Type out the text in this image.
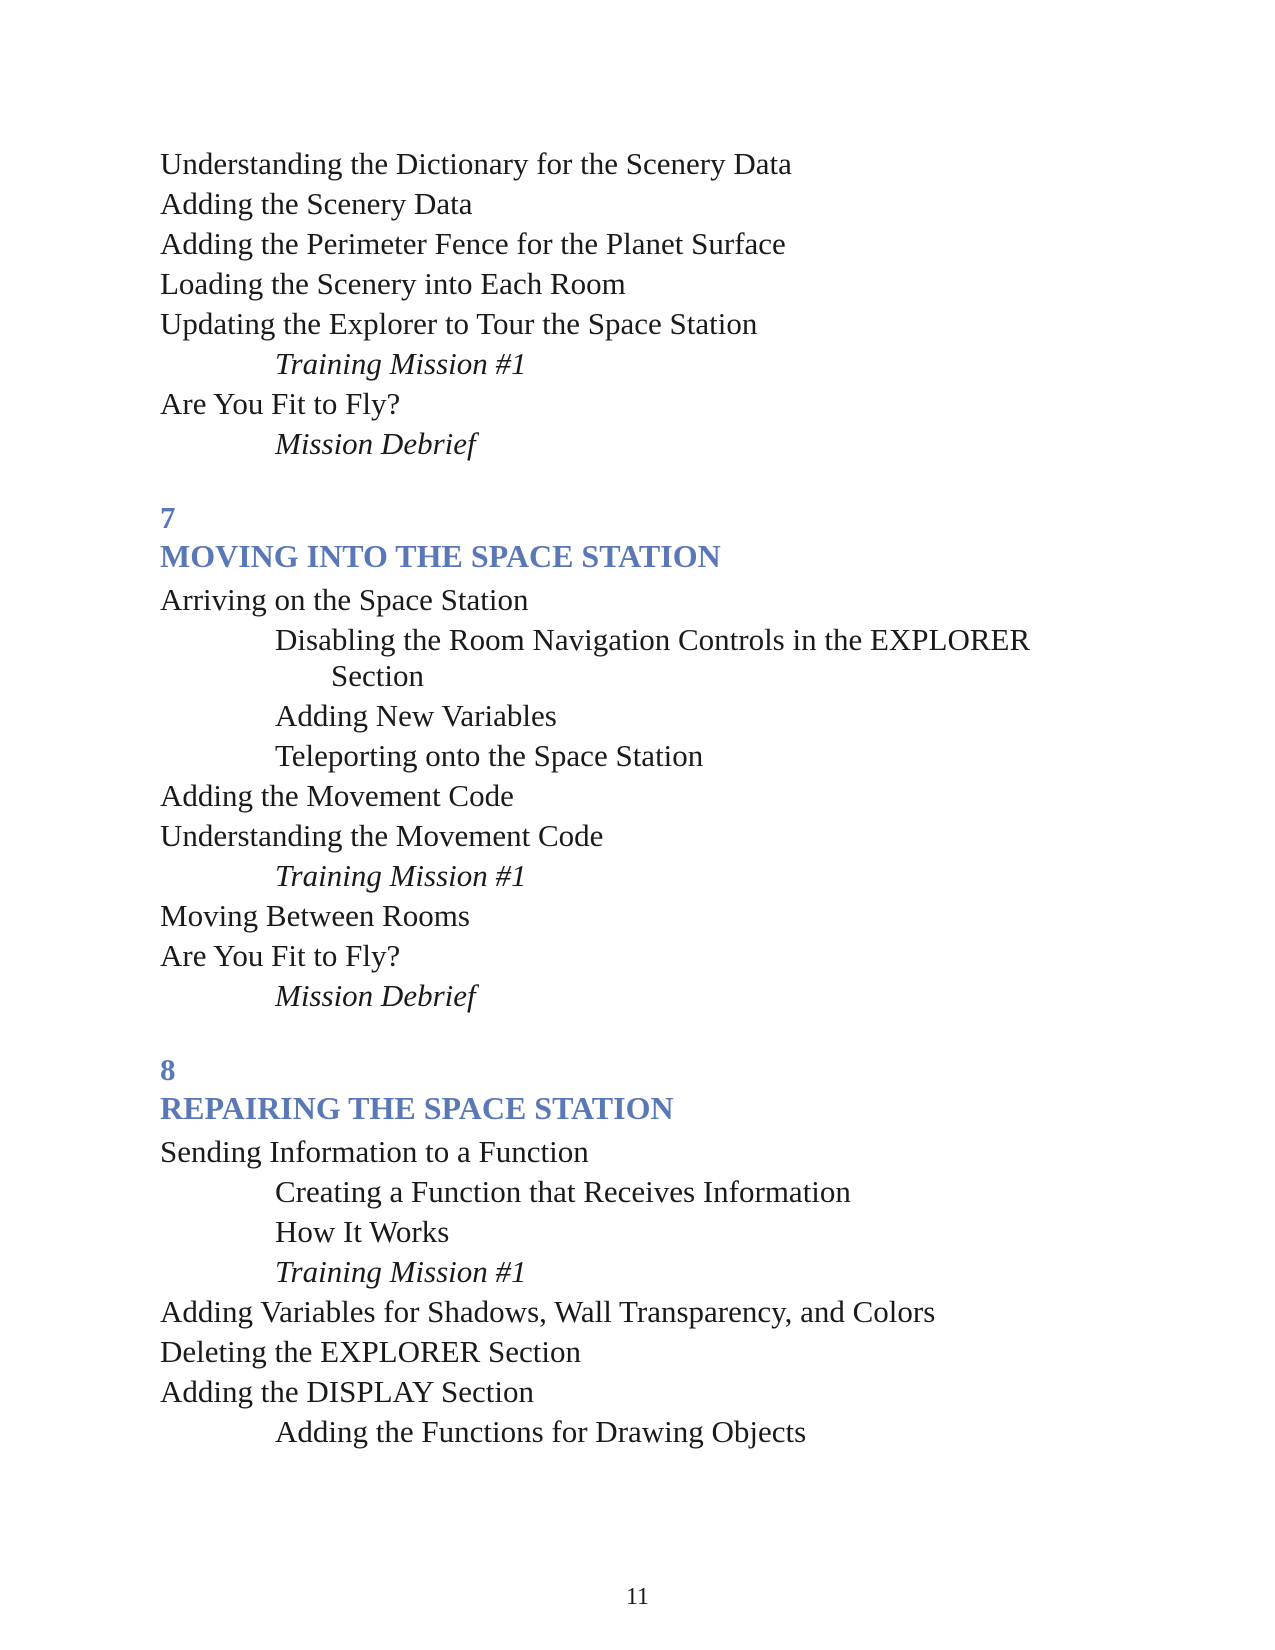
Understanding the Dictionary for the Scenery Data
Adding the Scenery Data
Adding the Perimeter Fence for the Planet Surface
Loading the Scenery into Each Room
Updating the Explorer to Tour the Space Station
Training Mission #1
Are You Fit to Fly?
Mission Debrief
7
MOVING INTO THE SPACE STATION
Arriving on the Space Station
Disabling the Room Navigation Controls in the EXPLORER
Section
Adding New Variables
Teleporting onto the Space Station
Adding the Movement Code
Understanding the Movement Code
Training Mission #1
Moving Between Rooms
Are You Fit to Fly?
Mission Debrief
8
REPAIRING THE SPACE STATION
Sending Information to a Function
Creating a Function that Receives Information
How It Works
Training Mission #1
Adding Variables for Shadows, Wall Transparency, and Colors
Deleting the EXPLORER Section
Adding the DISPLAY Section
Adding the Functions for Drawing Objects
11
